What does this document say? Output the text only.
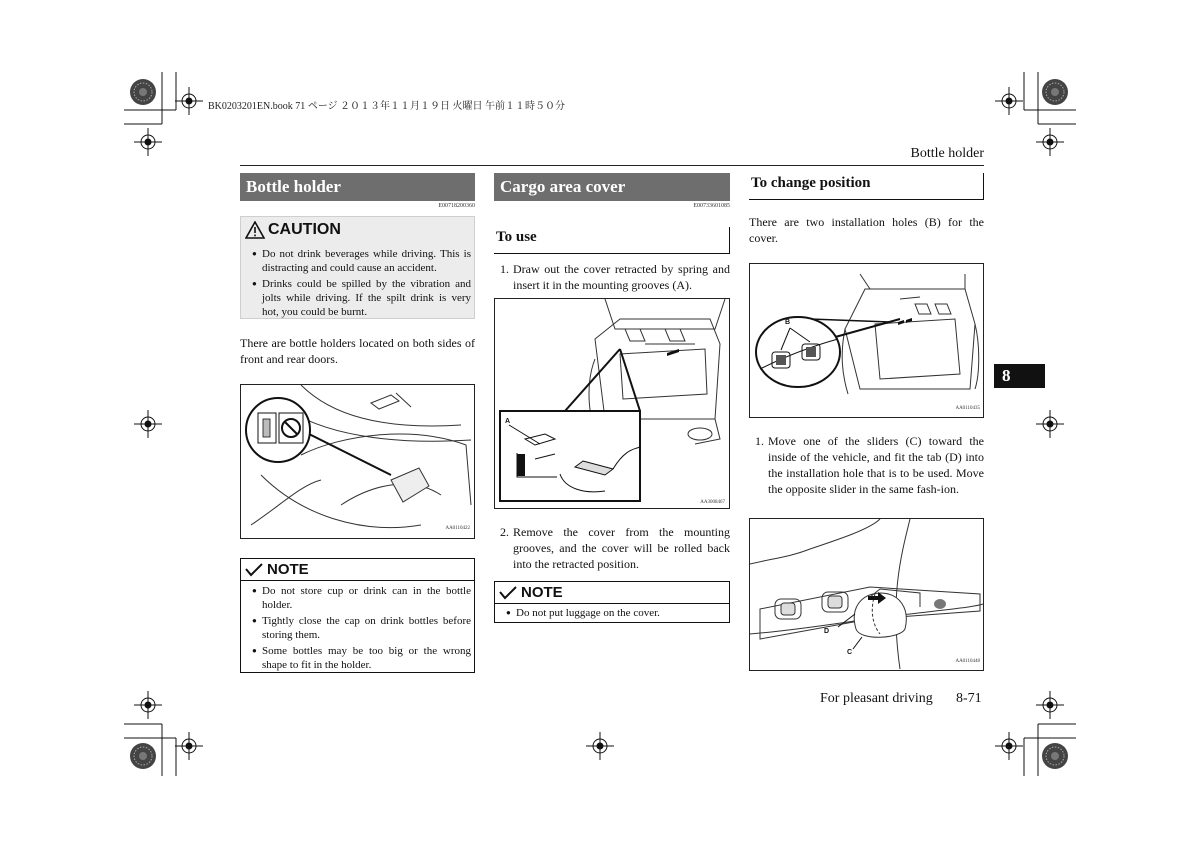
BK0203201EN.book 71 ページ ２０１３年１１月１９日 火曜日 午前１１時５０分
Bottle holder
Bottle holder
E00718200360
CAUTION
● Do not drink beverages while driving. This is distracting and could cause an accident.
● Drinks could be spilled by the vibration and jolts while driving. If the spilt drink is very hot, you could be burnt.
There are bottle holders located on both sides of front and rear doors.
AA0110422
NOTE
● Do not store cup or drink can in the bottle holder.
● Tightly close the cap on drink bottles before storing them.
● Some bottles may be too big or the wrong shape to fit in the holder.
Cargo area cover
E00733601085
To use
1. Draw out the cover retracted by spring and insert it in the mounting grooves (A).
A
AA3008467
2. Remove the cover from the mounting grooves, and the cover will be rolled back into the retracted position.
NOTE
● Do not put luggage on the cover.
To change position
There are two installation holes (B) for the cover.
B
AA0110435
1. Move one of the sliders (C) toward the inside of the vehicle, and fit the tab (D) into the installation hole that is to be used. Move the opposite slider in the same fash-ion.
D
C
AA0110448
8
For pleasant driving 8-71
